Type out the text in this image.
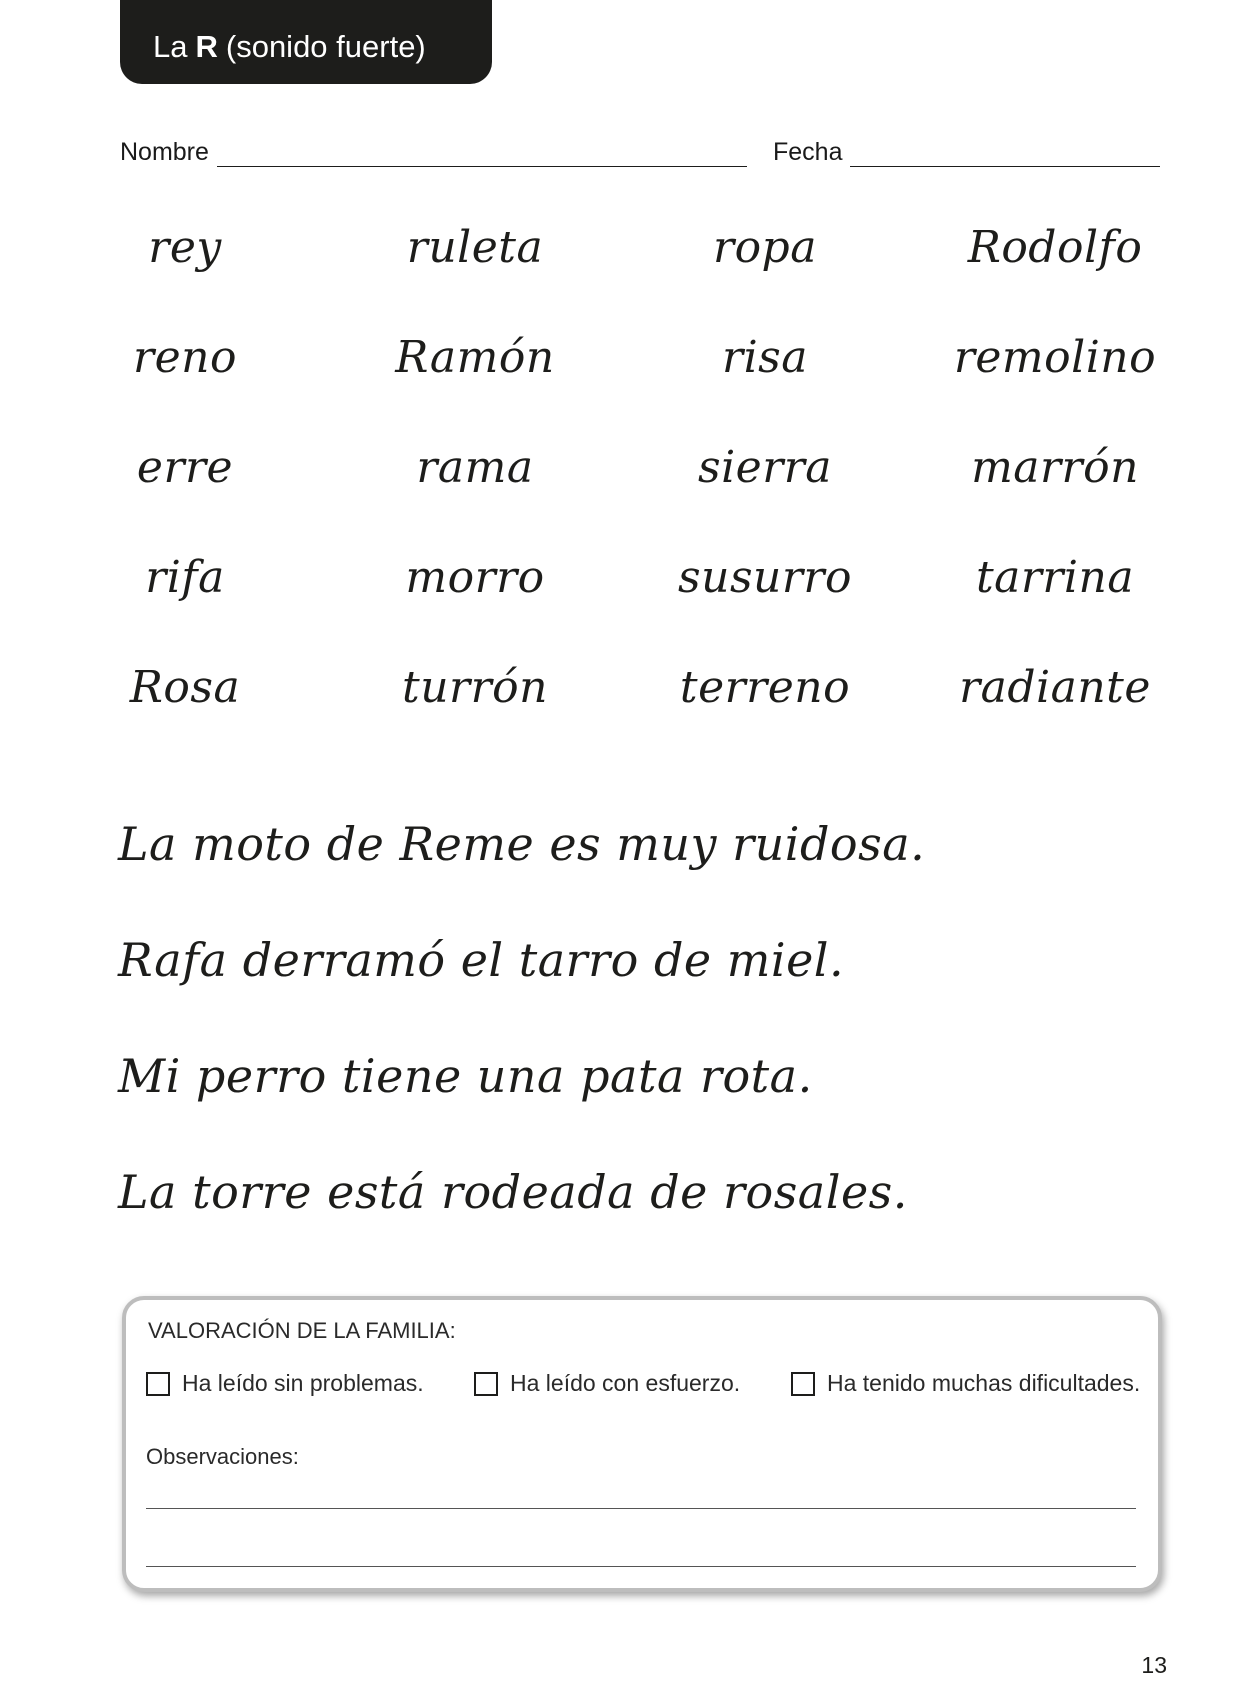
La R (sonido fuerte)
Nombre	Fecha
rey	ruleta	ropa	Rodolfo
reno	Ramón	risa	remolino
erre	rama	sierra	marrón
rifa	morro	susurro	tarrina
Rosa	turrón	terreno	radiante
La moto de Reme es muy ruidosa.
Rafa derramó el tarro de miel.
Mi perro tiene una pata rota.
La torre está rodeada de rosales.
VALORACIÓN DE LA FAMILIA:
Ha leído sin problemas.	Ha leído con esfuerzo.	Ha tenido muchas dificultades.
Observaciones:
13
